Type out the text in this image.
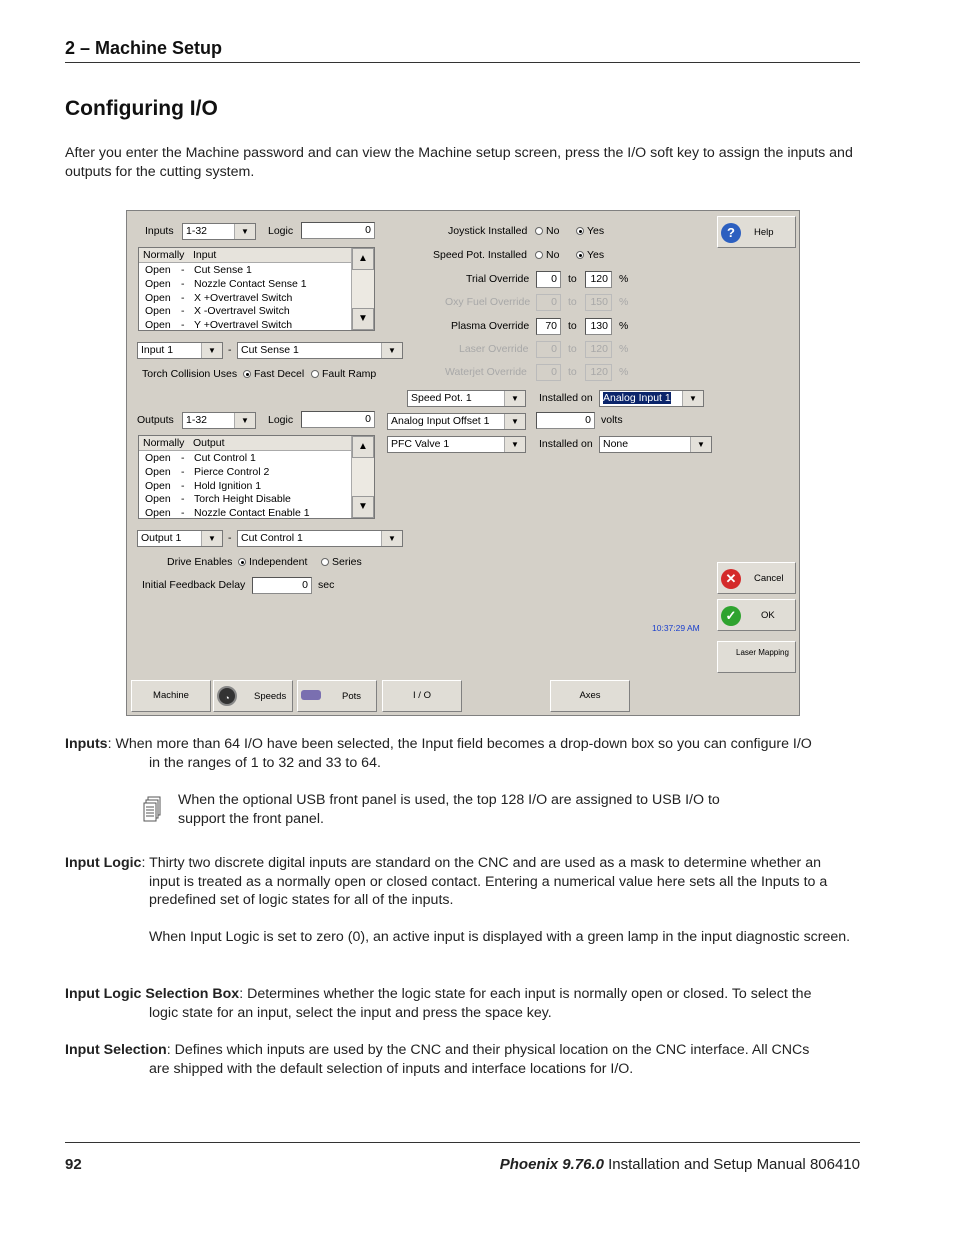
2 – Machine Setup
Configuring I/O
After you enter the Machine password and can view the Machine setup screen, press the I/O soft key to assign the inputs and outputs for the cutting system.
Inputs	1-32	▼	Logic	0
Normally Input
Open - Cut Sense 1
Open - Nozzle Contact Sense 1
Open - X +Overtravel Switch
Open - X -Overtravel Switch
Open - Y +Overtravel Switch
▲
▼
Input 1	▼	- Cut Sense 1	▼
Torch Collision Uses	Fast Decel	Fault Ramp
Outputs	1-32	▼	Logic	0
Normally Output
Open - Cut Control 1
Open - Pierce Control 2
Open - Hold Ignition 1
Open - Torch Height Disable
Open - Nozzle Contact Enable 1
▲
▼
Output 1	▼	- Cut Control 1	▼
Drive Enables	Independent	Series
Initial Feedback Delay	0 sec
Joystick Installed	No	Yes
Speed Pot. Installed	No	Yes
Trial Override	0	to	120	%
Oxy Fuel Override	0	to	150	%
Plasma Override	70	to	130	%
Laser Override	0	to	120	%
Waterjet Override	0	to	120	%
Speed Pot. 1	▼	Installed on Analog Input 1	▼
Analog Input Offset 1	▼	0 volts
PFC Valve 1	▼	Installed on None	▼
10:37:29 AM
?	Help
✕	Cancel
✓	OK
Laser Mapping
Machine	◔	Speeds	Pots	I / O	Axes
Inputs: When more than 64 I/O have been selected, the Input field becomes a drop-down box so you can configure I/O
in the ranges of 1 to 32 and 33 to 64.
When the optional USB front panel is used, the top 128 I/O are assigned to USB I/O to support the front panel.
Input Logic: Thirty two discrete digital inputs are standard on the CNC and are used as a mask to determine whether an
input is treated as a normally open or closed contact. Entering a numerical value here sets all the Inputs to a predefined set of logic states for all of the inputs.
When Input Logic is set to zero (0), an active input is displayed with a green lamp in the input diagnostic screen.
Input Logic Selection Box: Determines whether the logic state for each input is normally open or closed. To select the
logic state for an input, select the input and press the space key.
Input Selection: Defines which inputs are used by the CNC and their physical location on the CNC interface. All CNCs
are shipped with the default selection of inputs and interface locations for I/O.
92	Phoenix 9.76.0 Installation and Setup Manual 806410
